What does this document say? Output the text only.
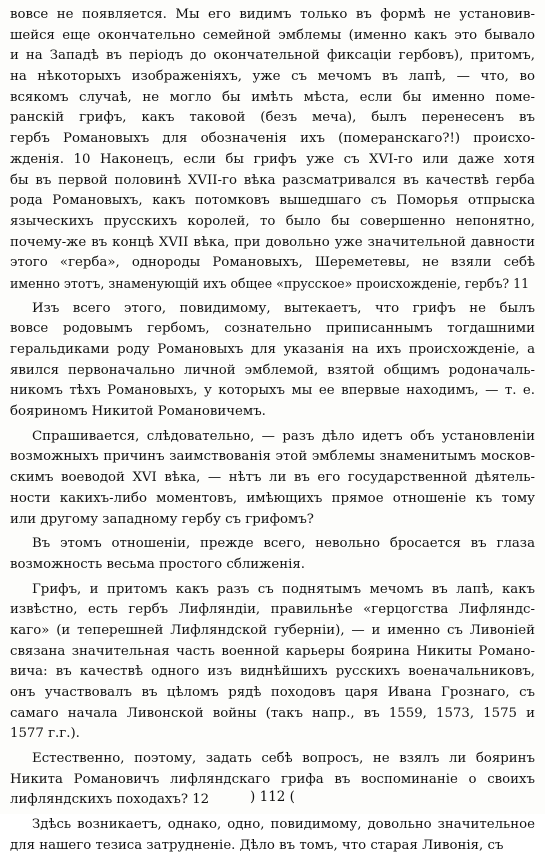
вовсе не появляется. Мы его видимъ только въ формѣ не установив-
шейся еще окончательно семейной эмблемы (именно какъ это бывало
и на Западѣ въ періодъ до окончательной фиксаціи гербовъ), притомъ,
на нѣкоторыхъ изображеніяхъ, уже съ мечомъ въ лапѣ, — что, во
всякомъ случаѣ, не могло бы имѣть мѣста, если бы именно помe-
ранскій грифъ, какъ таковой (безъ меча), былъ перенесенъ въ
гербъ Романовыхъ для обозначенія ихъ (померанскаго?!) происхо-
жденія. 10 Наконецъ, если бы грифъ уже съ XVI-го или даже хотя
бы въ первой половинѣ XVII-го вѣка разсматривался въ качествѣ герба
рода Романовыхъ, какъ потомковъ вышедшаго съ Поморья отпрыска
языческихъ прусскихъ королей, то было бы совершенно непонятно,
почему-же въ концѣ XVII вѣка, при довольно уже значительной давности
этого «герба», однороды Романовыхъ, Шереметевы, не взяли себѣ
именно этотъ, знаменующій ихъ общее «прусское» происхожденіе, гербъ? 11
Изъ всего этого, повидимому, вытекаетъ, что грифъ не былъ
вовсе родовымъ гербомъ, сознательно приписаннымъ тогдашними
геральдиками роду Романовыхъ для указанія на ихъ происхожденіе, а
явился первоначально личной эмблемой, взятой общимъ родоначаль-
никомъ тѣхъ Романовыхъ, у которыхъ мы ее впервые находимъ, — т. е.
бояриномъ Никитой Романовичемъ.
Спрашивается, слѣдовательно, — разъ дѣло идетъ объ установленіи
возможныхъ причинъ заимствованія этой эмблемы знаменитымъ москов-
скимъ воеводой XVI вѣка, — нѣтъ ли въ его государственной дѣятель-
ности какихъ-либо моментовъ, имѣющихъ прямое отношеніе къ тому
или другому западному гербу съ грифомъ?
Въ этомъ отношеніи, прежде всего, невольно бросается въ глаза
возможность весьма простого сближенія.
Грифъ, и притомъ какъ разъ съ поднятымъ мечомъ въ лапѣ, какъ
извѣстно, есть гербъ Лифляндіи, правильнѣе «герцогства Лифляндс-
кагo» (и теперешней Лифляндской губерніи), — и именно съ Ливоніей
связана значительная часть военной карьеры боярина Никиты Романо-
вича: въ качествѣ одного изъ виднѣйшихъ русскихъ военачальниковъ,
онъ участвовалъ въ цѣломъ рядѣ походовъ царя Ивана Грознаго, съ
самаго начала Ливонской войны (такъ напр., въ 1559, 1573, 1575 и
1577 г.г.).
Естественно, поэтому, задать себѣ вопросъ, не взялъ ли бояринъ
Никита Романовичъ лифляндскаго грифа въ воспоминаніе о своихъ
лифляндскихъ походахъ? 12
Здѣсь возникаетъ, однако, одно, повидимому, довольно значительное
для нашего тезиса затрудненіе. Дѣло въ томъ, что старая Ливонія, съ
) 112 (
